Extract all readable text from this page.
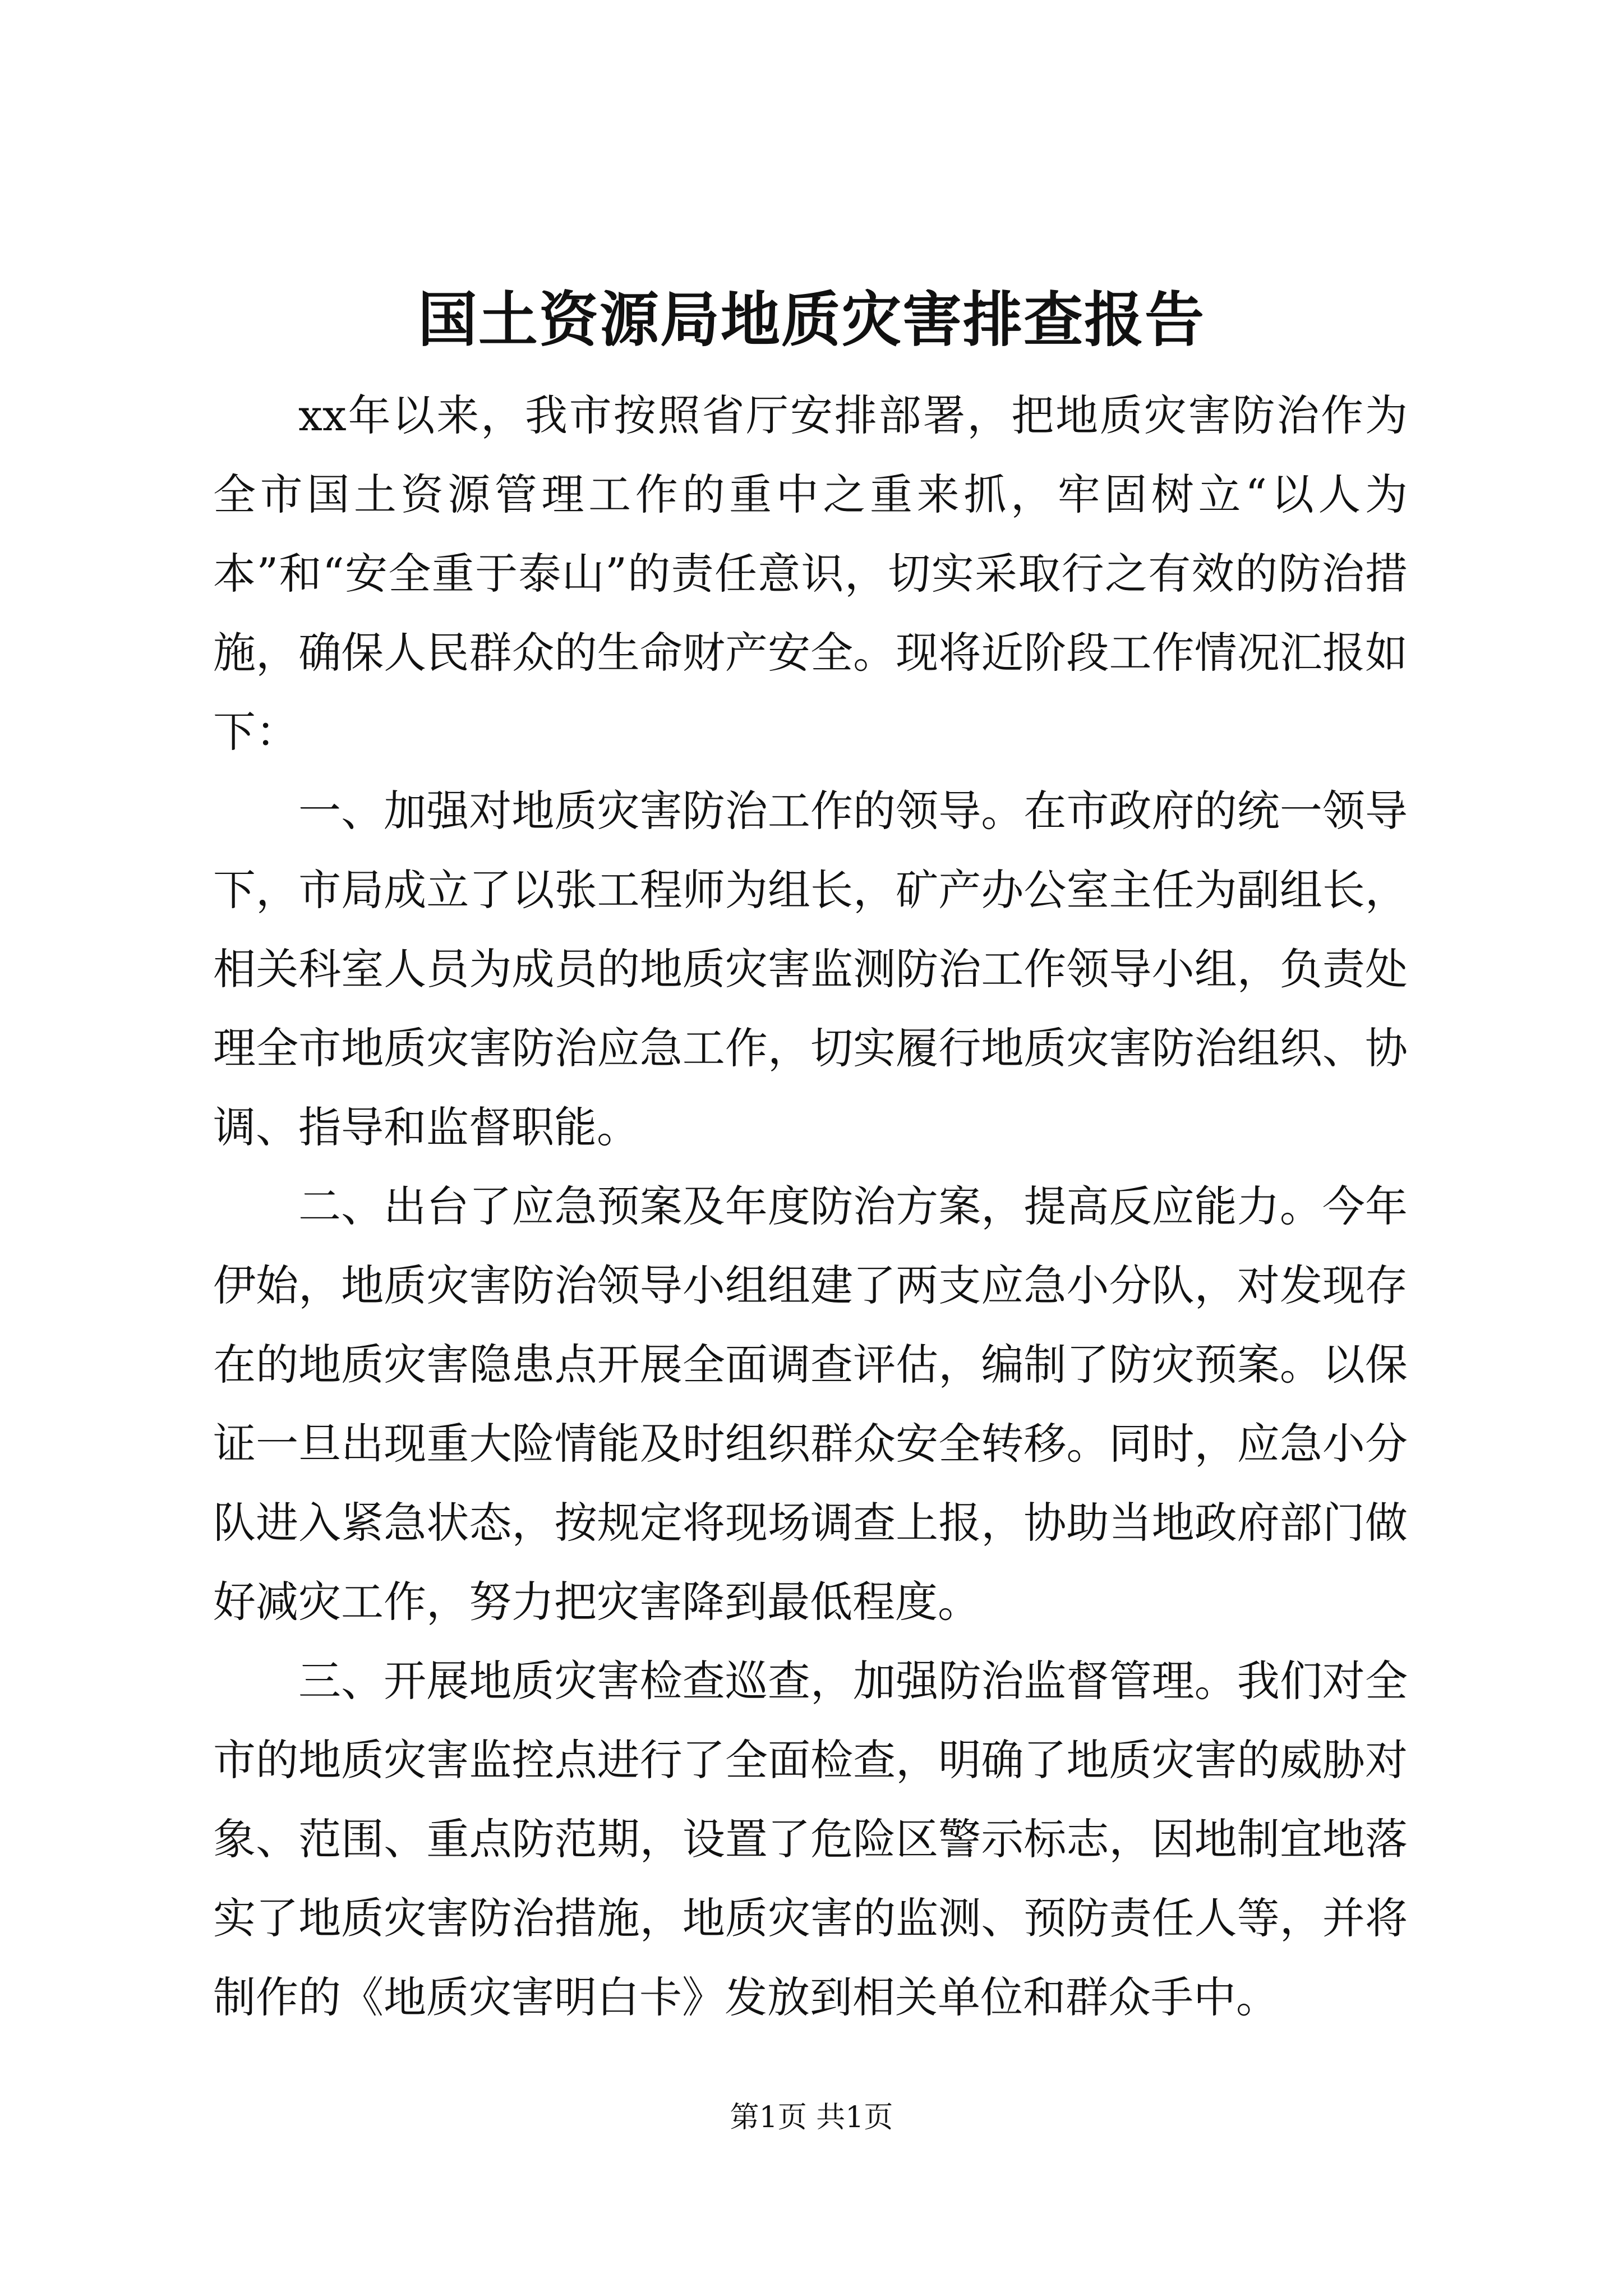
国土资源局地质灾害排查报告

xx年以来，我市按照省厅安排部署，把地质灾害防治作为全市国土资源管理工作的重中之重来抓，牢固树立“以人为本”和“安全重于泰山”的责任意识，切实采取行之有效的防治措施，确保人民群众的生命财产安全。现将近阶段工作情况汇报如下：

一、加强对地质灾害防治工作的领导。在市政府的统一领导下，市局成立了以张工程师为组长，矿产办公室主任为副组长，相关科室人员为成员的地质灾害监测防治工作领导小组，负责处理全市地质灾害防治应急工作，切实履行地质灾害防治组织、协调、指导和监督职能。

二、出台了应急预案及年度防治方案，提高反应能力。今年伊始，地质灾害防治领导小组组建了两支应急小分队，对发现存在的地质灾害隐患点开展全面调查评估，编制了防灾预案。以保证一旦出现重大险情能及时组织群众安全转移。同时，应急小分队进入紧急状态，按规定将现场调查上报，协助当地政府部门做好减灾工作，努力把灾害降到最低程度。

三、开展地质灾害检查巡查，加强防治监督管理。我们对全市的地质灾害监控点进行了全面检查，明确了地质灾害的威胁对象、范围、重点防范期，设置了危险区警示标志，因地制宜地落实了地质灾害防治措施，地质灾害的监测、预防责任人等，并将制作的《地质灾害明白卡》发放到相关单位和群众手中。

第1页 共1页
